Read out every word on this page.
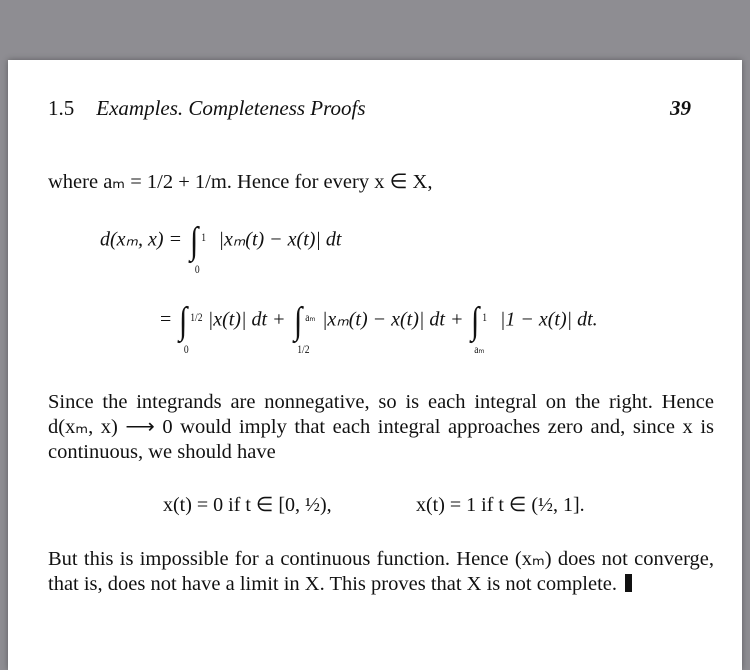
1.5 Examples. Completeness Proofs	39
where aₘ = 1/2 + 1/m. Hence for every x ∈ X,
d(xₘ, x) = ∫ 1
0
|xₘ(t) − x(t)| dt
= ∫ 1/2
0
|x(t)| dt + ∫ aₘ
1/2
|xₘ(t) − x(t)| dt + ∫ 1
aₘ
|1 − x(t)| dt.
Since the integrands are nonnegative, so is each integral on the right. Hence d(xₘ, x) ⟶ 0 would imply that each integral approaches zero and, since x is continuous, we should have
x(t) = 0 if t ∈ [0, ½),	x(t) = 1 if t ∈ (½, 1].
But this is impossible for a continuous function. Hence (xₘ) does not converge, that is, does not have a limit in X. This proves that X is not complete.
